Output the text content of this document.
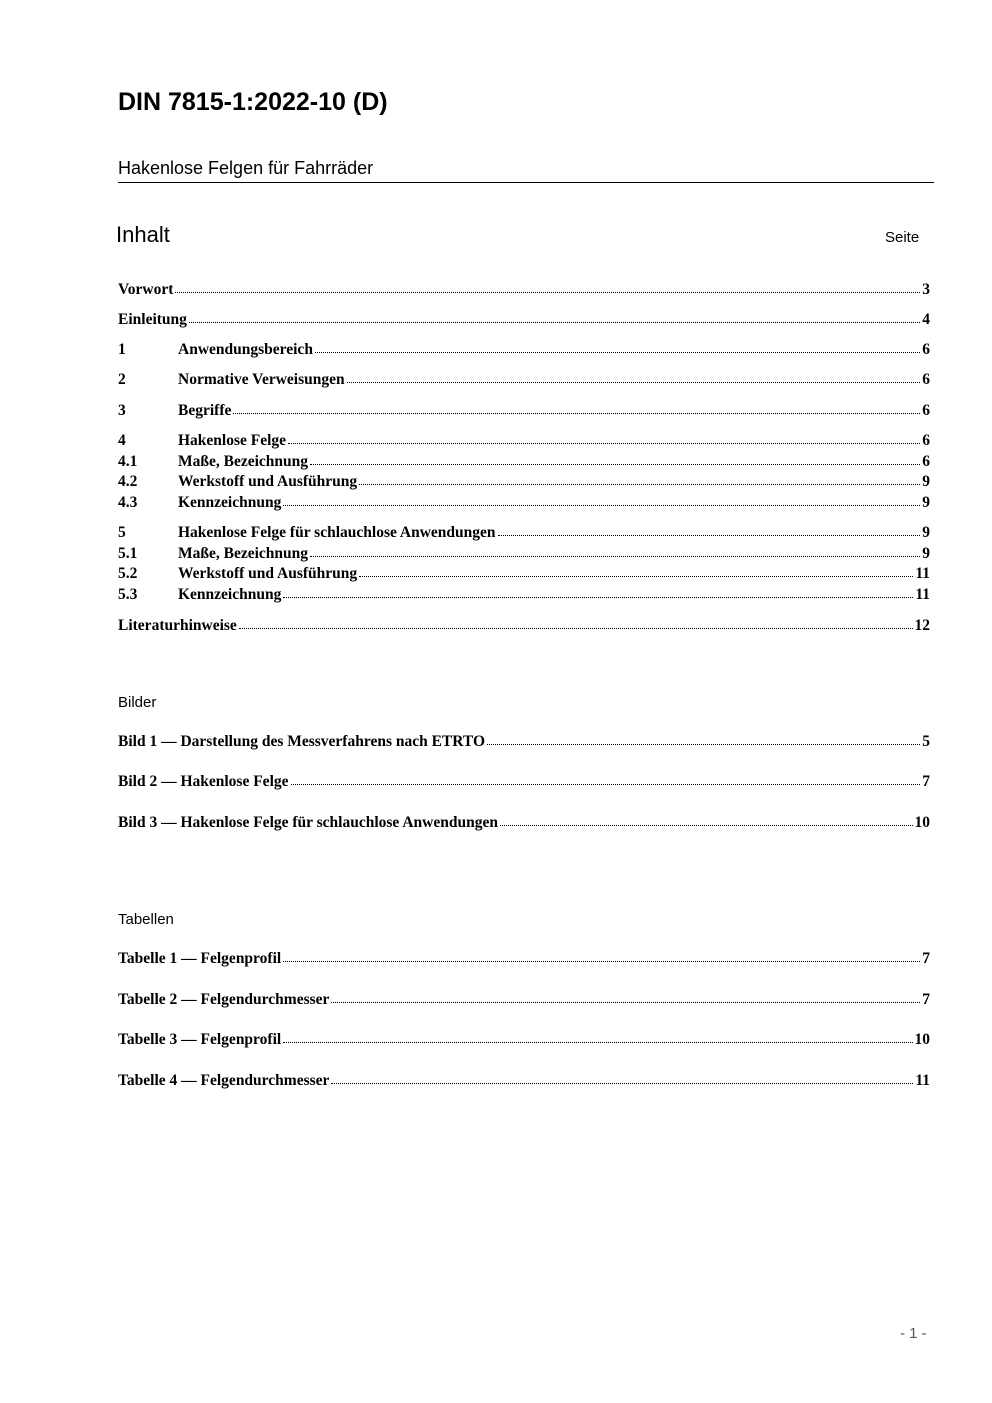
DIN 7815-1:2022-10 (D)
Hakenlose Felgen für Fahrräder
Inhalt	Seite
Vorwort	3
Einleitung	4
1	Anwendungsbereich	6
2	Normative Verweisungen	6
3	Begriffe	6
4	Hakenlose Felge	6
4.1	Maße, Bezeichnung	6
4.2	Werkstoff und Ausführung	9
4.3	Kennzeichnung	9
5	Hakenlose Felge für schlauchlose Anwendungen	9
5.1	Maße, Bezeichnung	9
5.2	Werkstoff und Ausführung	11
5.3	Kennzeichnung	11
Literaturhinweise	12
Bilder
Bild 1 — Darstellung des Messverfahrens nach ETRTO	5
Bild 2 — Hakenlose Felge	7
Bild 3 — Hakenlose Felge für schlauchlose Anwendungen	10
Tabellen
Tabelle 1 — Felgenprofil	7
Tabelle 2 — Felgendurchmesser	7
Tabelle 3 — Felgenprofil	10
Tabelle 4 — Felgendurchmesser	11
- 1 -
